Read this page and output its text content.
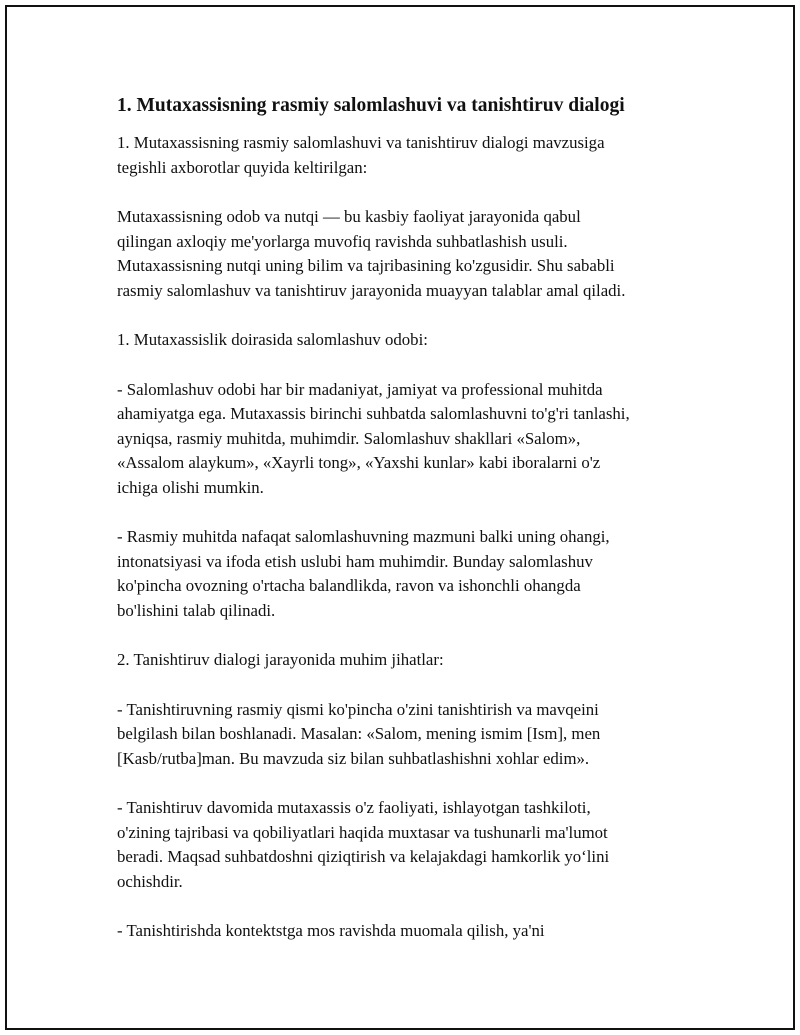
1. Mutaxassisning rasmiy salomlashuvi va tanishtiruv dialogi

1. Mutaxassisning rasmiy salomlashuvi va tanishtiruv dialogi mavzusiga
tegishli axborotlar quyida keltirilgan:

Mutaxassisning odob va nutqi — bu kasbiy faoliyat jarayonida qabul
qilingan axloqiy me'yorlarga muvofiq ravishda suhbatlashish usuli.
Mutaxassisning nutqi uning bilim va tajribasining ko'zgusidir. Shu sababli
rasmiy salomlashuv va tanishtiruv jarayonida muayyan talablar amal qiladi.

1. Mutaxassislik doirasida salomlashuv odobi:

- Salomlashuv odobi har bir madaniyat, jamiyat va professional muhitda
ahamiyatga ega. Mutaxassis birinchi suhbatda salomlashuvni to'g'ri tanlashi,
ayniqsa, rasmiy muhitda, muhimdir. Salomlashuv shakllari «Salom»,
«Assalom alaykum», «Xayrli tong», «Yaxshi kunlar» kabi iboralarni o'z
ichiga olishi mumkin.

- Rasmiy muhitda nafaqat salomlashuvning mazmuni balki uning ohangi,
intonatsiyasi va ifoda etish uslubi ham muhimdir. Bunday salomlashuv
ko'pincha ovozning o'rtacha balandlikda, ravon va ishonchli ohangda
bo'lishini talab qilinadi.

2. Tanishtiruv dialogi jarayonida muhim jihatlar:

- Tanishtiruvning rasmiy qismi ko'pincha o'zini tanishtirish va mavqeini
belgilash bilan boshlanadi. Masalan: «Salom, mening ismim [Ism], men
[Kasb/rutba]man. Bu mavzuda siz bilan suhbatlashishni xohlar edim».

- Tanishtiruv davomida mutaxassis o'z faoliyati, ishlayotgan tashkiloti,
o'zining tajribasi va qobiliyatlari haqida muxtasar va tushunarli ma'lumot
beradi. Maqsad suhbatdoshni qiziqtirish va kelajakdagi hamkorlik yo‘lini
ochishdir.

- Tanishtirishda kontektstga mos ravishda muomala qilish, ya'ni
